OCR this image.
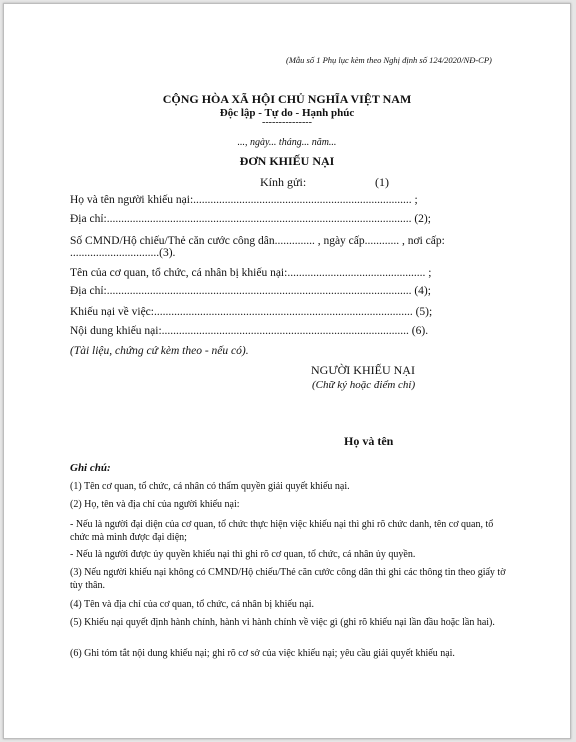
(Mẫu số 1 Phụ lục kèm theo Nghị định số 124/2020/NĐ-CP)
CỘNG HÒA XÃ HỘI CHỦ NGHĨA VIỆT NAM
Độc lập - Tự do - Hạnh phúc
---------------
..., ngày... tháng... năm...
ĐƠN KHIẾU NẠI
Kính gửi:	(1)
Họ và tên người khiếu nại:............................................................................ ;
Địa chỉ:.......................................................................................................... (2);
Số CMND/Hộ chiếu/Thẻ căn cước công dân.............. , ngày cấp............ , nơi cấp:
...............................(3).
Tên của cơ quan, tổ chức, cá nhân bị khiếu nại:................................................ ;
Địa chỉ:.......................................................................................................... (4);
Khiếu nại về việc:.......................................................................................... (5);
Nội dung khiếu nại:...................................................................................... (6).
(Tài liệu, chứng cứ kèm theo - nếu có).
NGƯỜI KHIẾU NẠI
(Chữ ký hoặc điểm chỉ)
Họ và tên
Ghi chú:
(1) Tên cơ quan, tổ chức, cá nhân có thẩm quyền giải quyết khiếu nại.
(2) Họ, tên và địa chỉ của người khiếu nại:
- Nếu là người đại diện của cơ quan, tổ chức thực hiện việc khiếu nại thì ghi rõ chức danh, tên cơ quan, tổ chức mà mình được đại diện;
- Nếu là người được ủy quyền khiếu nại thì ghi rõ cơ quan, tổ chức, cá nhân ủy quyền.
(3) Nếu người khiếu nại không có CMND/Hộ chiếu/Thẻ căn cước công dân thì ghi các thông tin theo giấy tờ tùy thân.
(4) Tên và địa chỉ của cơ quan, tổ chức, cá nhân bị khiếu nại.
(5) Khiếu nại quyết định hành chính, hành vi hành chính về việc gì (ghi rõ khiếu nại lần đầu hoặc lần hai).
(6) Ghi tóm tắt nội dung khiếu nại; ghi rõ cơ sở của việc khiếu nại; yêu cầu giải quyết khiếu nại.
